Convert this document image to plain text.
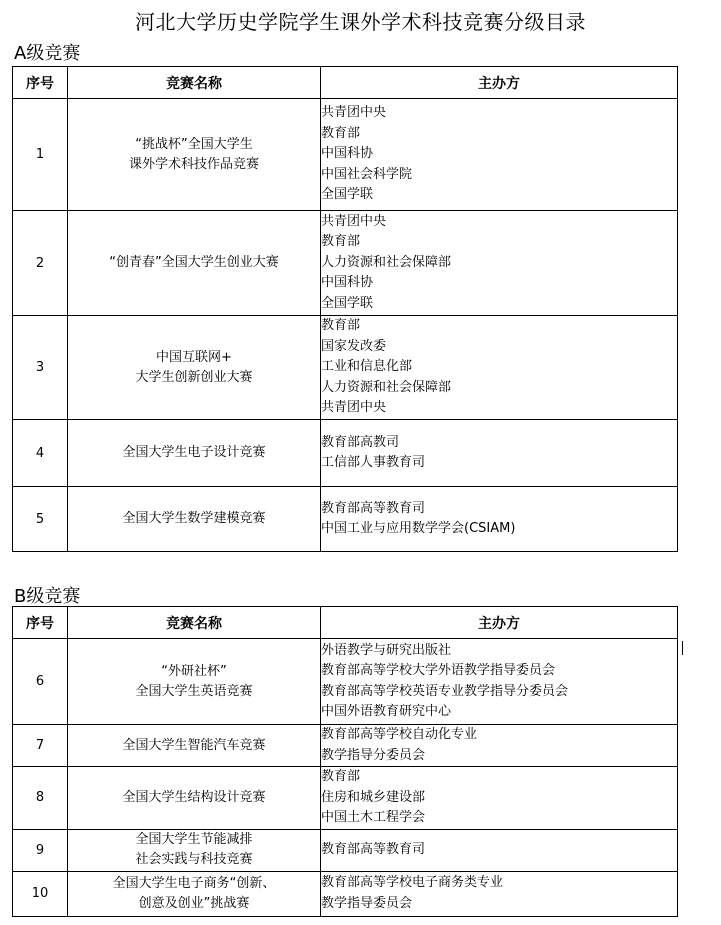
河北大学历史学院学生课外学术科技竞赛分级目录
A级竞赛
序号	竞赛名称	主办方
1	“挑战杯”全国大学生
课外学术科技作品竞赛	共青团中央
教育部
中国科协
中国社会科学院
全国学联

2	“创青春”全国大学生创业大赛	共青团中央
教育部
人力资源和社会保障部
中国科协
全国学联

3	中国互联网+
大学生创新创业大赛	教育部
国家发改委
工业和信息化部
人力资源和社会保障部
共青团中央

4	全国大学生电子设计竞赛	教育部高教司
工信部人事教育司

5	全国大学生数学建模竞赛	教育部高等教育司
中国工业与应用数学学会(CSIAM)
B级竞赛
序号	竞赛名称	主办方
6	“外研社杯”
全国大学生英语竞赛	外语教学与研究出版社
教育部高等学校大学外语教学指导委员会
教育部高等学校英语专业教学指导分委员会
中国外语教育研究中心

7	全国大学生智能汽车竞赛	教育部高等学校自动化专业
教学指导分委员会

8	全国大学生结构设计竞赛	教育部
住房和城乡建设部
中国土木工程学会

9	全国大学生节能减排
社会实践与科技竞赛	教育部高等教育司

10	全国大学生电子商务“创新、
创意及创业”挑战赛	教育部高等学校电子商务类专业
教学指导委员会
